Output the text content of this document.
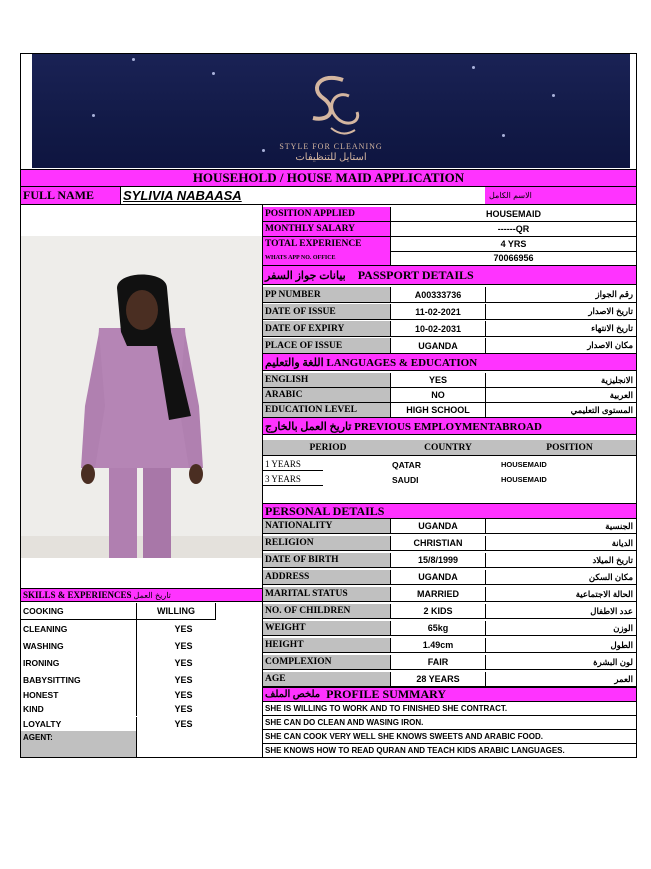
STYLE FOR CLEANING
استايل للتنظيفات
HOUSEHOLD / HOUSE MAID APPLICATION
FULL NAME	SYLIVIA NABAASA	الاسم الكامل
بيانات جواز السفر PASSPORT DETAILS
اللغة والتعليم LANGUAGES & EDUCATION
تاريخ العمل بالخارج PREVIOUS EMPLOYMENTABROAD
PERIOD	COUNTRY	POSITION
PERSONAL DETAILS
SKILLS & EXPERIENCES تاريخ العمل
AGENT:
ملخص الملف PROFILE SUMMARY
POSITION APPLIED	HOUSEMAID
MONTHLY SALARY	------QR
TOTAL EXPERIENCE	4 YRS
WHATS APP NO. OFFICE	70066956
PP NUMBER	A00333736	رقم الجواز
DATE OF ISSUE	11-02-2021	تاريخ الاصدار
DATE OF EXPIRY	10-02-2031	تاريخ الانتهاء
PLACE OF ISSUE	UGANDA	مكان الاصدار
ENGLISH	YES	الانجليزية
ARABIC	NO	العربية
EDUCATION LEVEL	HIGH SCHOOL	المستوى التعليمي
NATIONALITY	UGANDA	الجنسية
RELIGION	CHRISTIAN	الديانة
DATE OF BIRTH	15/8/1999	تاريخ الميلاد
ADDRESS	UGANDA	مكان السكن
MARITAL STATUS	MARRIED	الحالة الاجتماعية
NO. OF CHILDREN	2 KIDS	عدد الاطفال
WEIGHT	65kg	الوزن
HEIGHT	1.49cm	الطول
COMPLEXION	FAIR	لون البشرة
AGE	28 YEARS	العمر
1 YEARS	QATAR	HOUSEMAID
3 YEARS	SAUDI	HOUSEMAID
COOKING	WILLING
CLEANING	YES
WASHING	YES
IRONING	YES
BABYSITTING	YES
HONEST	YES
KIND	YES
LOYALTY	YES
SHE IS WILLING TO WORK AND TO FINISHED SHE CONTRACT.
SHE CAN DO CLEAN AND WASING IRON.
SHE CAN COOK VERY WELL SHE KNOWS SWEETS AND ARABIC FOOD.
SHE KNOWS HOW TO READ QURAN AND TEACH KIDS ARABIC LANGUAGES.
